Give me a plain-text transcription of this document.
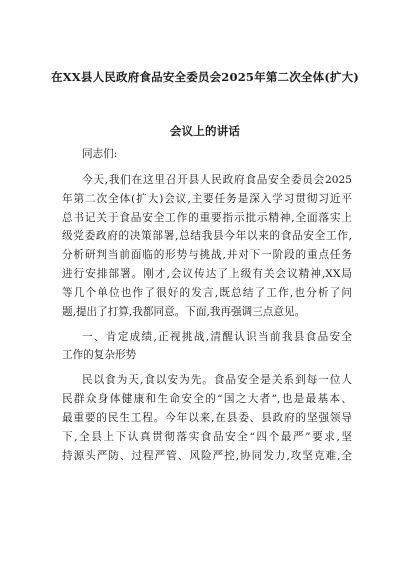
在XX县人民政府食品安全委员会2025年第二次全体(扩大)
会议上的讲话
同志们:
今天,我们在这里召开县人民政府食品安全委员会2025
年第二次全体(扩大)会议,主要任务是深入学习贯彻习近平
总书记关于食品安全工作的重要指示批示精神,全面落实上
级党委政府的决策部署,总结我县今年以来的食品安全工作,
分析研判当前面临的形势与挑战,并对下一阶段的重点任务
进行安排部署。刚才,会议传达了上级有关会议精神,XX局
等几个单位也作了很好的发言,既总结了工作,也分析了问
题,提出了打算,我都同意。下面,我再强调三点意见。
一、肯定成绩,正视挑战,清醒认识当前我县食品安全
工作的复杂形势
民以食为天,食以安为先。食品安全是关系到每一位人
民群众身体健康和生命安全的“国之大者”,也是最基本、
最重要的民生工程。今年以来,在县委、县政府的坚强领导
下,全县上下认真贯彻落实食品安全“四个最严”要求,坚
持源头严防、过程严管、风险严控,协同发力,攻坚克难,全
